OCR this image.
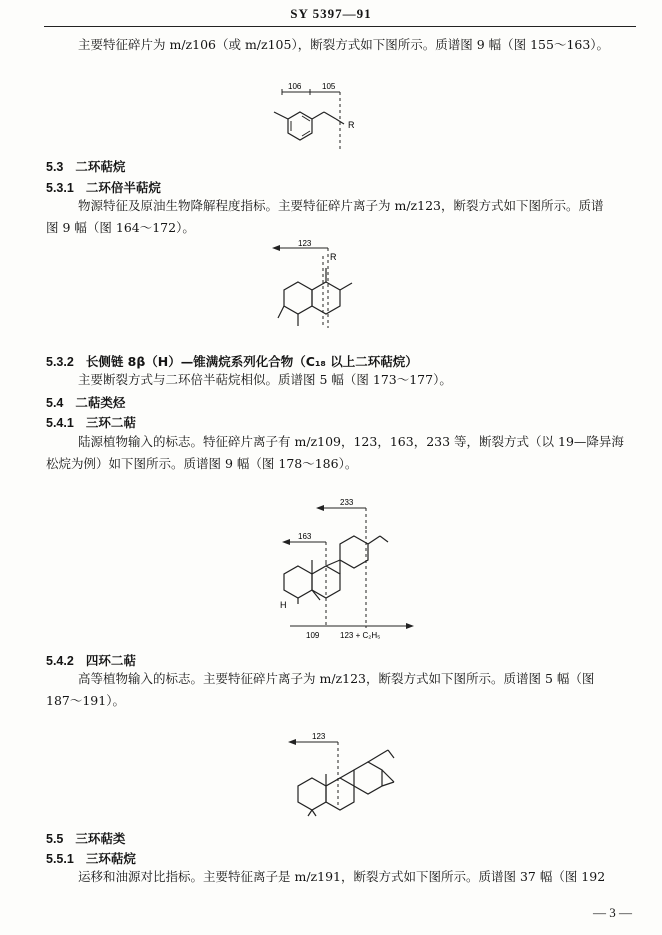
SY 5397—91
主要特征碎片为 m/z106（或 m/z105），断裂方式如下图所示。质谱图 9 幅（图 155～163）。
106	105
R
5.3 二环萜烷
5.3.1 二环倍半萜烷
物源特征及原油生物降解程度指标。主要特征碎片离子为 m/z123，断裂方式如下图所示。质谱
图 9 幅（图 164～172）。
123
R
5.3.2 长侧链 8β（H）—锥满烷系列化合物（C₁₈ 以上二环萜烷）
主要断裂方式与二环倍半萜烷相似。质谱图 5 幅（图 173～177）。
5.4 二萜类烃
5.4.1 三环二萜
陆源植物输入的标志。特征碎片离子有 m/z109，123，163，233 等，断裂方式（以 19—降异海
松烷为例）如下图所示。质谱图 9 幅（图 178～186）。
233
163
H
109	123 + C₂H₅
5.4.2 四环二萜
高等植物输入的标志。主要特征碎片离子为 m/z123，断裂方式如下图所示。质谱图 5 幅（图
187～191）。
123
5.5 三环萜类
5.5.1 三环萜烷
运移和油源对比指标。主要特征离子是 m/z191，断裂方式如下图所示。质谱图 37 幅（图 192
— 3 —
